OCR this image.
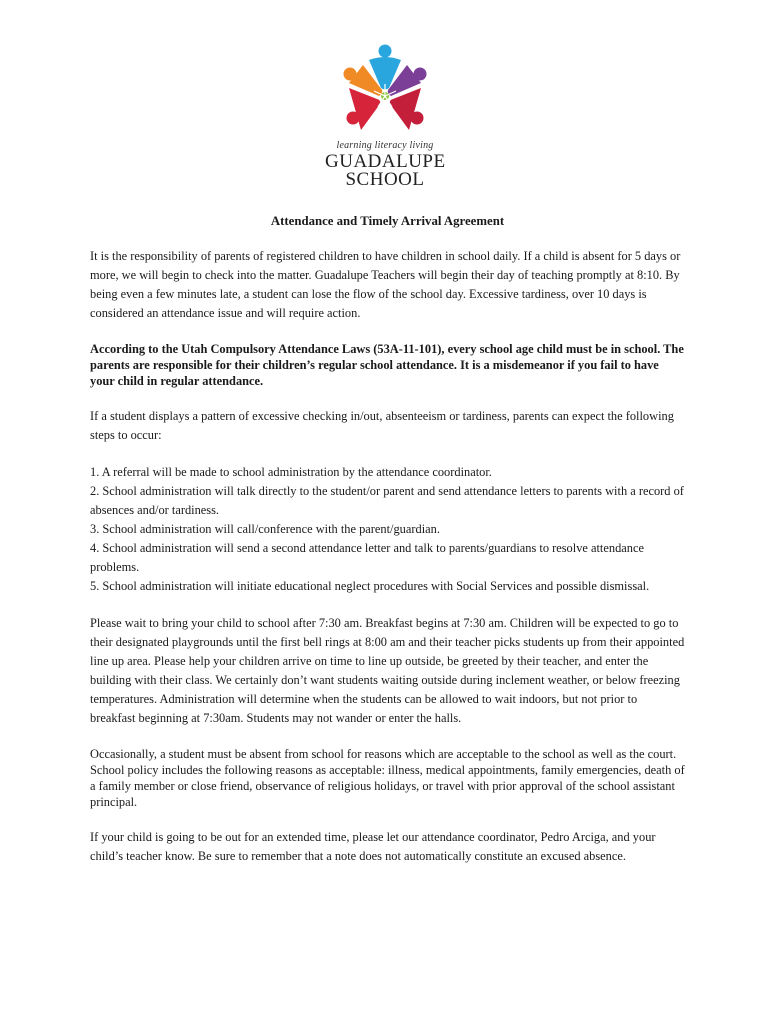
learning literacy living
GUADALUPE
SCHOOL
Attendance and Timely Arrival Agreement

It is the responsibility of parents of registered children to have children in school daily. If a child is absent for 5 days or more, we will begin to check into the matter. Guadalupe Teachers will begin their day of teaching promptly at 8:10. By being even a few minutes late, a student can lose the flow of the school day. Excessive tardiness, over 10 days is considered an attendance issue and will require action.

According to the Utah Compulsory Attendance Laws (53A-11-101), every school age child must be in school. The parents are responsible for their children’s regular school attendance. It is a misdemeanor if you fail to have your child in regular attendance.

If a student displays a pattern of excessive checking in/out, absenteeism or tardiness, parents can expect the following steps to occur:

1. A referral will be made to school administration by the attendance coordinator.
2. School administration will talk directly to the student/or parent and send attendance letters to parents with a record of absences and/or tardiness.
3. School administration will call/conference with the parent/guardian.
4. School administration will send a second attendance letter and talk to parents/guardians to resolve attendance problems.
5. School administration will initiate educational neglect procedures with Social Services and possible dismissal.

Please wait to bring your child to school after 7:30 am. Breakfast begins at 7:30 am. Children will be expected to go to their designated playgrounds until the first bell rings at 8:00 am and their teacher picks students up from their appointed line up area. Please help your children arrive on time to line up outside, be greeted by their teacher, and enter the building with their class. We certainly don’t want students waiting outside during inclement weather, or below freezing temperatures. Administration will determine when the students can be allowed to wait indoors, but not prior to breakfast beginning at 7:30am. Students may not wander or enter the halls.

Occasionally, a student must be absent from school for reasons which are acceptable to the school as well as the court. School policy includes the following reasons as acceptable: illness, medical appointments, family emergencies, death of a family member or close friend, observance of religious holidays, or travel with prior approval of the school assistant principal.

If your child is going to be out for an extended time, please let our attendance coordinator, Pedro Arciga, and your child’s teacher know. Be sure to remember that a note does not automatically constitute an excused absence.
